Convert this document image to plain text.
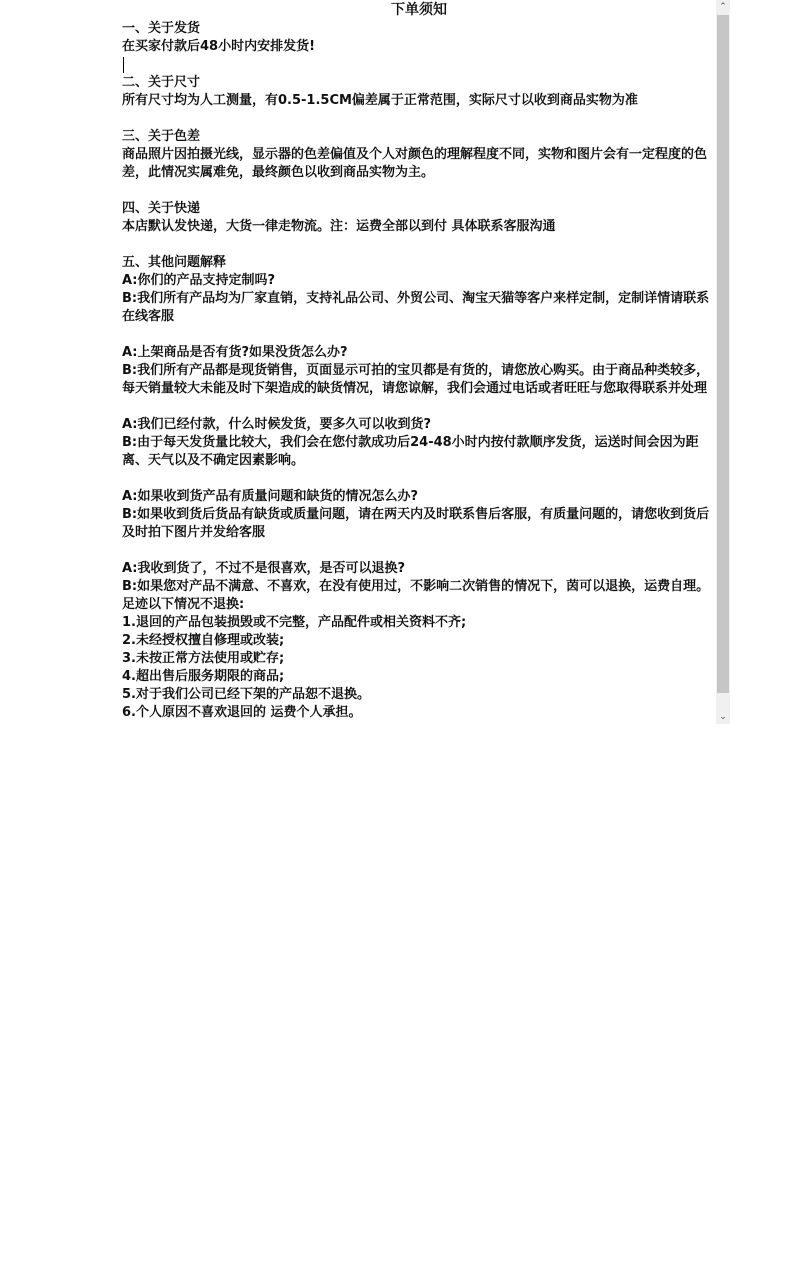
下单须知
一、关于发货
在买家付款后48小时内安排发货!
二、关于尺寸
所有尺寸均为人工测量，有0.5-1.5CM偏差属于正常范围，实际尺寸以收到商品实物为准
三、关于色差
商品照片因拍摄光线，显示器的色差偏值及个人对颜色的理解程度不同，实物和图片会有一定程度的色差，此情况实属难免，最终颜色以收到商品实物为主。
四、关于快递
本店默认发快递，大货一律走物流。注：运费全部以到付 具体联系客服沟通
五、其他问题解释
A:你们的产品支持定制吗?
B:我们所有产品均为厂家直销，支持礼品公司、外贸公司、淘宝天猫等客户来样定制，定制详情请联系在线客服
A:上架商品是否有货?如果没货怎么办?
B:我们所有产品都是现货销售，页面显示可拍的宝贝都是有货的，请您放心购买。由于商品种类较多，每天销量较大未能及时下架造成的缺货情况，请您谅解，我们会通过电话或者旺旺与您取得联系并处理
A:我们已经付款，什么时候发货，要多久可以收到货?
B:由于每天发货量比较大，我们会在您付款成功后24-48小时内按付款顺序发货，运送时间会因为距离、天气以及不确定因素影响。
A:如果收到货产品有质量问题和缺货的情况怎么办?
B:如果收到货后货品有缺货或质量问题，请在两天内及时联系售后客服，有质量问题的，请您收到货后及时拍下图片并发给客服
A:我收到货了，不过不是很喜欢，是否可以退换?
B:如果您对产品不满意、不喜欢，在没有使用过，不影响二次销售的情况下，茵可以退换，运费自理。足迹以下情况不退换:
1.退回的产品包装损毁或不完整，产品配件或相关资料不齐;
2.未经授权擅自修理或改装;
3.未按正常方法使用或贮存;
4.超出售后服务期限的商品;
5.对于我们公司已经下架的产品恕不退换。
6.个人原因不喜欢退回的 运费个人承担。
⌃
⌄
